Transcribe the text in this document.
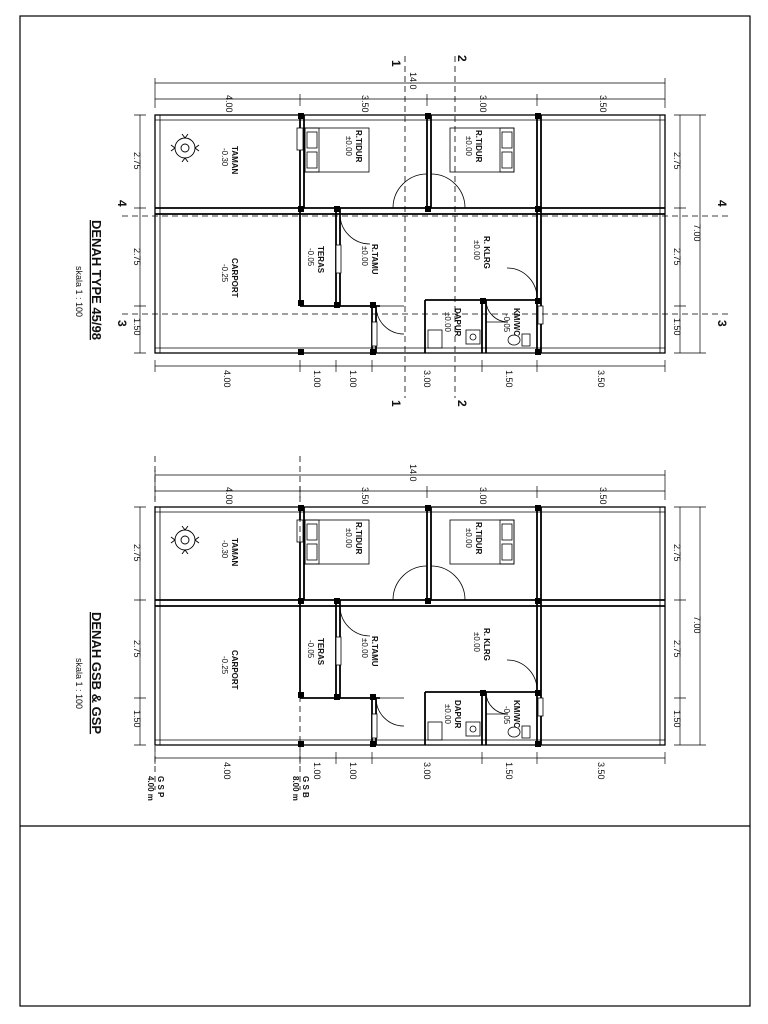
1
2
1	2
4	4
3	3
14.0
4.00	3.50	3.00	3.50
4.00	1.00	1.00	3.00	1.50	3.50
2.75
2.75
1.50
2.75
2.75
1.50
7.00
TAMAN
-0.30
CARPORT
-0.25
R.TIDUR
±0.00	R.TIDUR
±0.00
TERAS
-0.05	R.TAMU
±0.00	R. KLRG
±0.00
DAPUR
±0.00	KM/WC
-0.05
DENAH TYPE 45/98
skala 1 : 100
14.0
4.00	3.50	3.00	3.50
4.00	1.00	1.00	3.00	1.50	3.50
2.75
2.75
1.50
2.75
2.75
1.50
7.00
TAMAN
-0.30
CARPORT
-0.25
R.TIDUR
±0.00	R.TIDUR
±0.00
TERAS
-0.05	R.TAMU
±0.00	R. KLRG
±0.00
DAPUR
±0.00	KM/WC
-0.05
G S P
4.00 m	G S B
8.00 m
DENAH GSB & GSP
skala 1 : 100
